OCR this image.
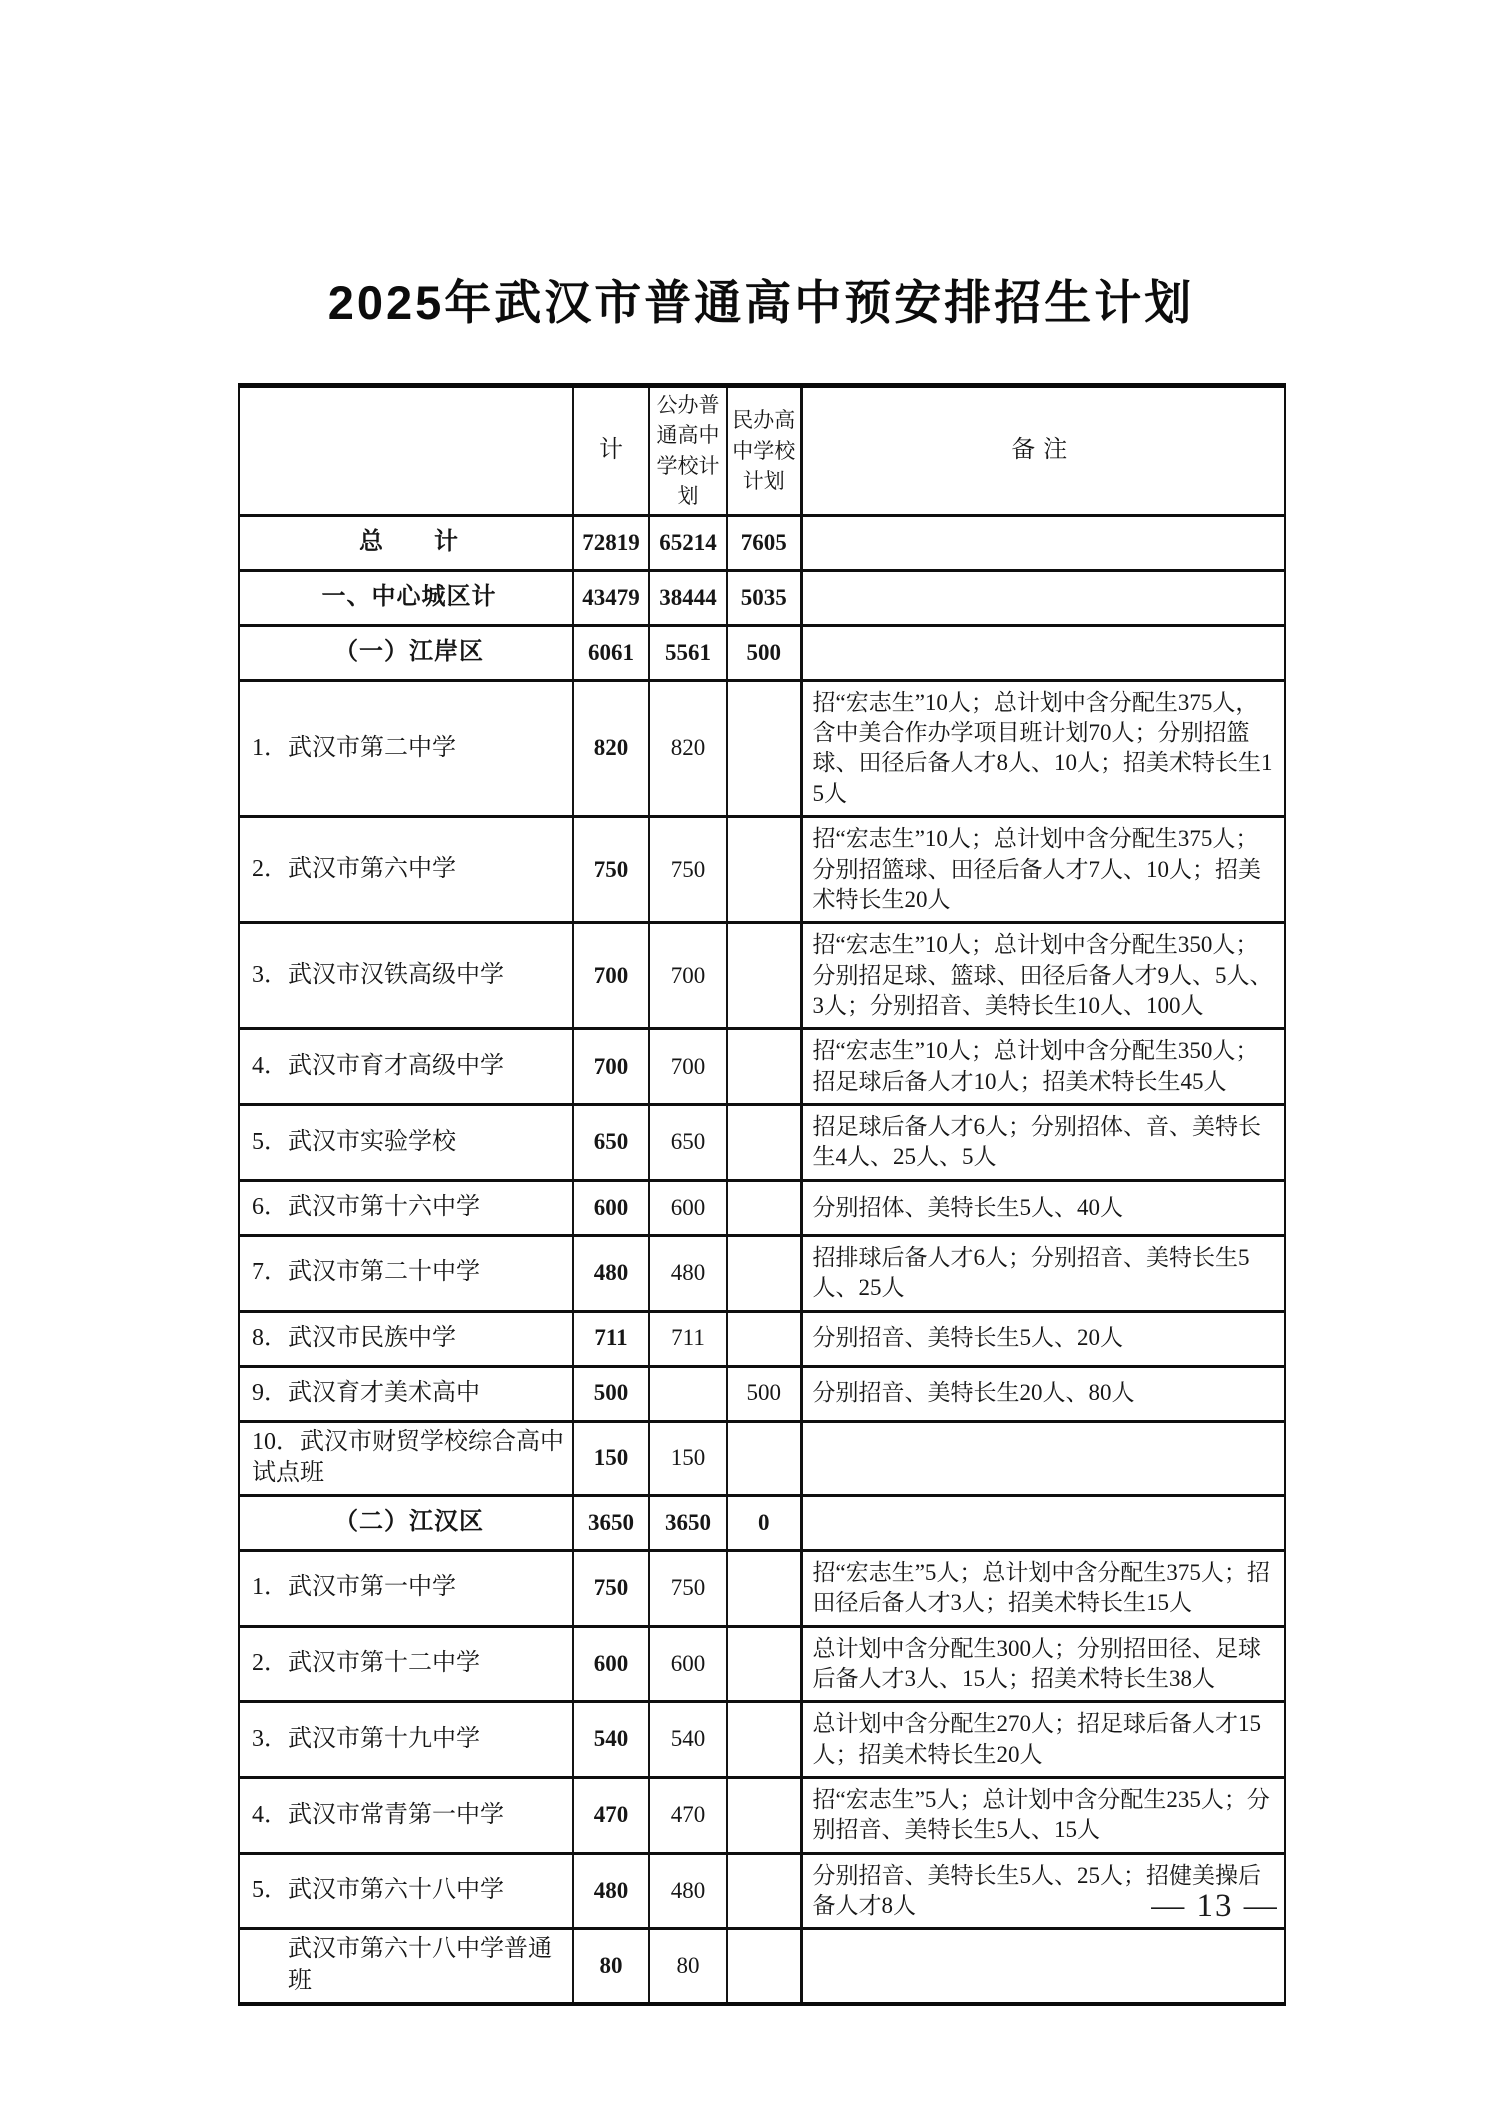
2025年武汉市普通高中预安排招生计划
	计	公办普通高中学校计划	民办高中学校计划	备注
总　　计	72819	65214	7605	
一、中心城区计	43479	38444	5035	
（一）江岸区	6061	5561	500	
1．武汉市第二中学	820	820		招“宏志生”10人；总计划中含分配生375人，含中美合作办学项目班计划70人；分别招篮球、田径后备人才8人、10人；招美术特长生15人
2．武汉市第六中学	750	750		招“宏志生”10人；总计划中含分配生375人；分别招篮球、田径后备人才7人、10人；招美术特长生20人
3．武汉市汉铁高级中学	700	700		招“宏志生”10人；总计划中含分配生350人；分别招足球、篮球、田径后备人才9人、5人、3人；分别招音、美特长生10人、100人
4．武汉市育才高级中学	700	700		招“宏志生”10人；总计划中含分配生350人；招足球后备人才10人；招美术特长生45人
5．武汉市实验学校	650	650		招足球后备人才6人；分别招体、音、美特长生4人、25人、5人
6．武汉市第十六中学	600	600		分别招体、美特长生5人、40人
7．武汉市第二十中学	480	480		招排球后备人才6人；分别招音、美特长生5人、25人
8．武汉市民族中学	711	711		分别招音、美特长生5人、20人
9．武汉育才美术高中	500		500	分别招音、美特长生20人、80人
10．武汉市财贸学校综合高中试点班	150	150		
（二）江汉区	3650	3650	0	
1．武汉市第一中学	750	750		招“宏志生”5人；总计划中含分配生375人；招田径后备人才3人；招美术特长生15人
2．武汉市第十二中学	600	600		总计划中含分配生300人；分别招田径、足球后备人才3人、15人；招美术特长生38人
3．武汉市第十九中学	540	540		总计划中含分配生270人；招足球后备人才15人；招美术特长生20人
4．武汉市常青第一中学	470	470		招“宏志生”5人；总计划中含分配生235人；分别招音、美特长生5人、15人
5．武汉市第六十八中学	480	480		分别招音、美特长生5人、25人；招健美操后备人才8人
武汉市第六十八中学普通班	80	80		
— 13 —
